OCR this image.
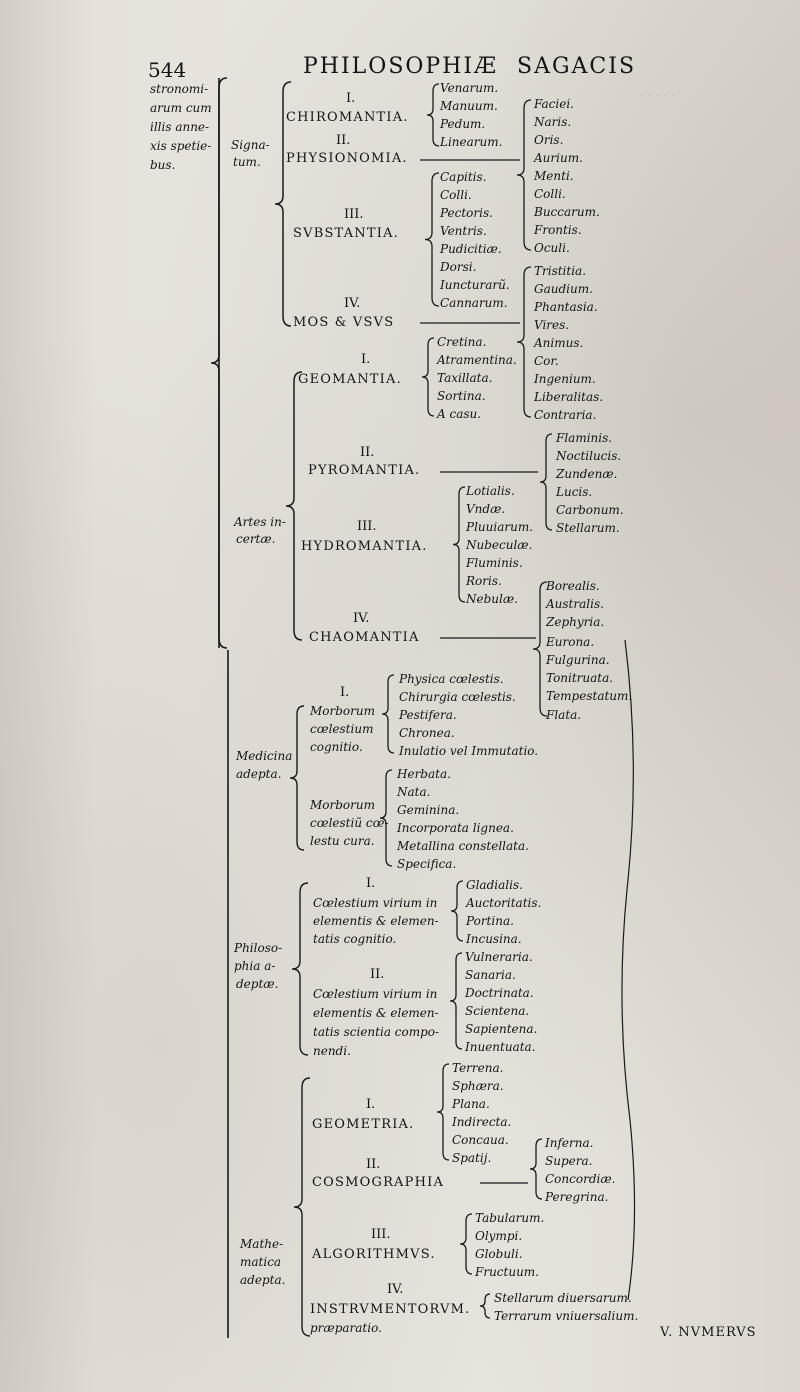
· · · · ·
544	PHILOSOPHIÆ SAGACIS
stronomi-
arum cum
illis anne-
xis spetie-
bus.
Signa-
tum.
I.
CHIROMANTIA.
Venarum.
Manuum.
Pedum.
Linearum.
II.
PHYSIONOMIA.
Faciei.
Naris.
Oris.
Aurium.
Menti.
Colli.
Buccarum.
Frontis.
Oculi.
III.
SVBSTANTIA.
Capitis.
Colli.
Pectoris.
Ventris.
Pudicitiæ.
Dorsi.
Iuncturarũ.
Cannarum.
IV.
MOS & VSVS
Tristitia.
Gaudium.
Phantasia.
Vires.
Animus.
Cor.
Ingenium.
Liberalitas.
Contraria.
Artes in-
certæ.
I.
GEOMANTIA.
Cretina.
Atramentina.
Taxillata.
Sortina.
A casu.
II.
PYROMANTIA.
Flaminis.
Noctilucis.
Zundenæ.
Lucis.
Carbonum.
Stellarum.
III.
HYDROMANTIA.
Lotialis.
Vndæ.
Pluuiarum.
Nubeculæ.
Fluminis.
Roris.
Nebulæ.
IV.
CHAOMANTIA
Borealis.
Australis.
Zephyria.
Eurona.
Fulgurina.
Tonitruata.
Tempestatum.
Flata.
Medicina
adepta.
I.
Morborum
cœlestium
cognitio.
Physica cœlestis.
Chirurgia cœlestis.
Pestifera.
Chronea.
Inulatio vel Immutatio.
Morborum
cœlestiũ cœ-
lestu cura.
Herbata.
Nata.
Geminina.
Incorporata lignea.
Metallina constellata.
Specifica.
Philoso-
phia a-
deptæ.
I.
Cœlestium virium in
elementis & elemen-
tatis cognitio.
Gladialis.
Auctoritatis.
Portina.
Incusina.
II.
Cœlestium virium in
elementis & elemen-
tatis scientia compo-
nendi.
Vulneraria.
Sanaria.
Doctrinata.
Scientena.
Sapientena.
Inuentuata.
Mathe-
matica
adepta.
I.
GEOMETRIA.
Terrena.
Sphæra.
Plana.
Indirecta.
Concaua.
Spatij.
II.
COSMOGRAPHIA
Inferna.
Supera.
Concordiæ.
Peregrina.
III.
ALGORITHMVS.
Tabularum.
Olympi.
Globuli.
Fructuum.
IV.
INSTRVMENTORVM.
præparatio.
Stellarum diuersarum.
Terrarum vniuersalium.
V. NVMERVS
